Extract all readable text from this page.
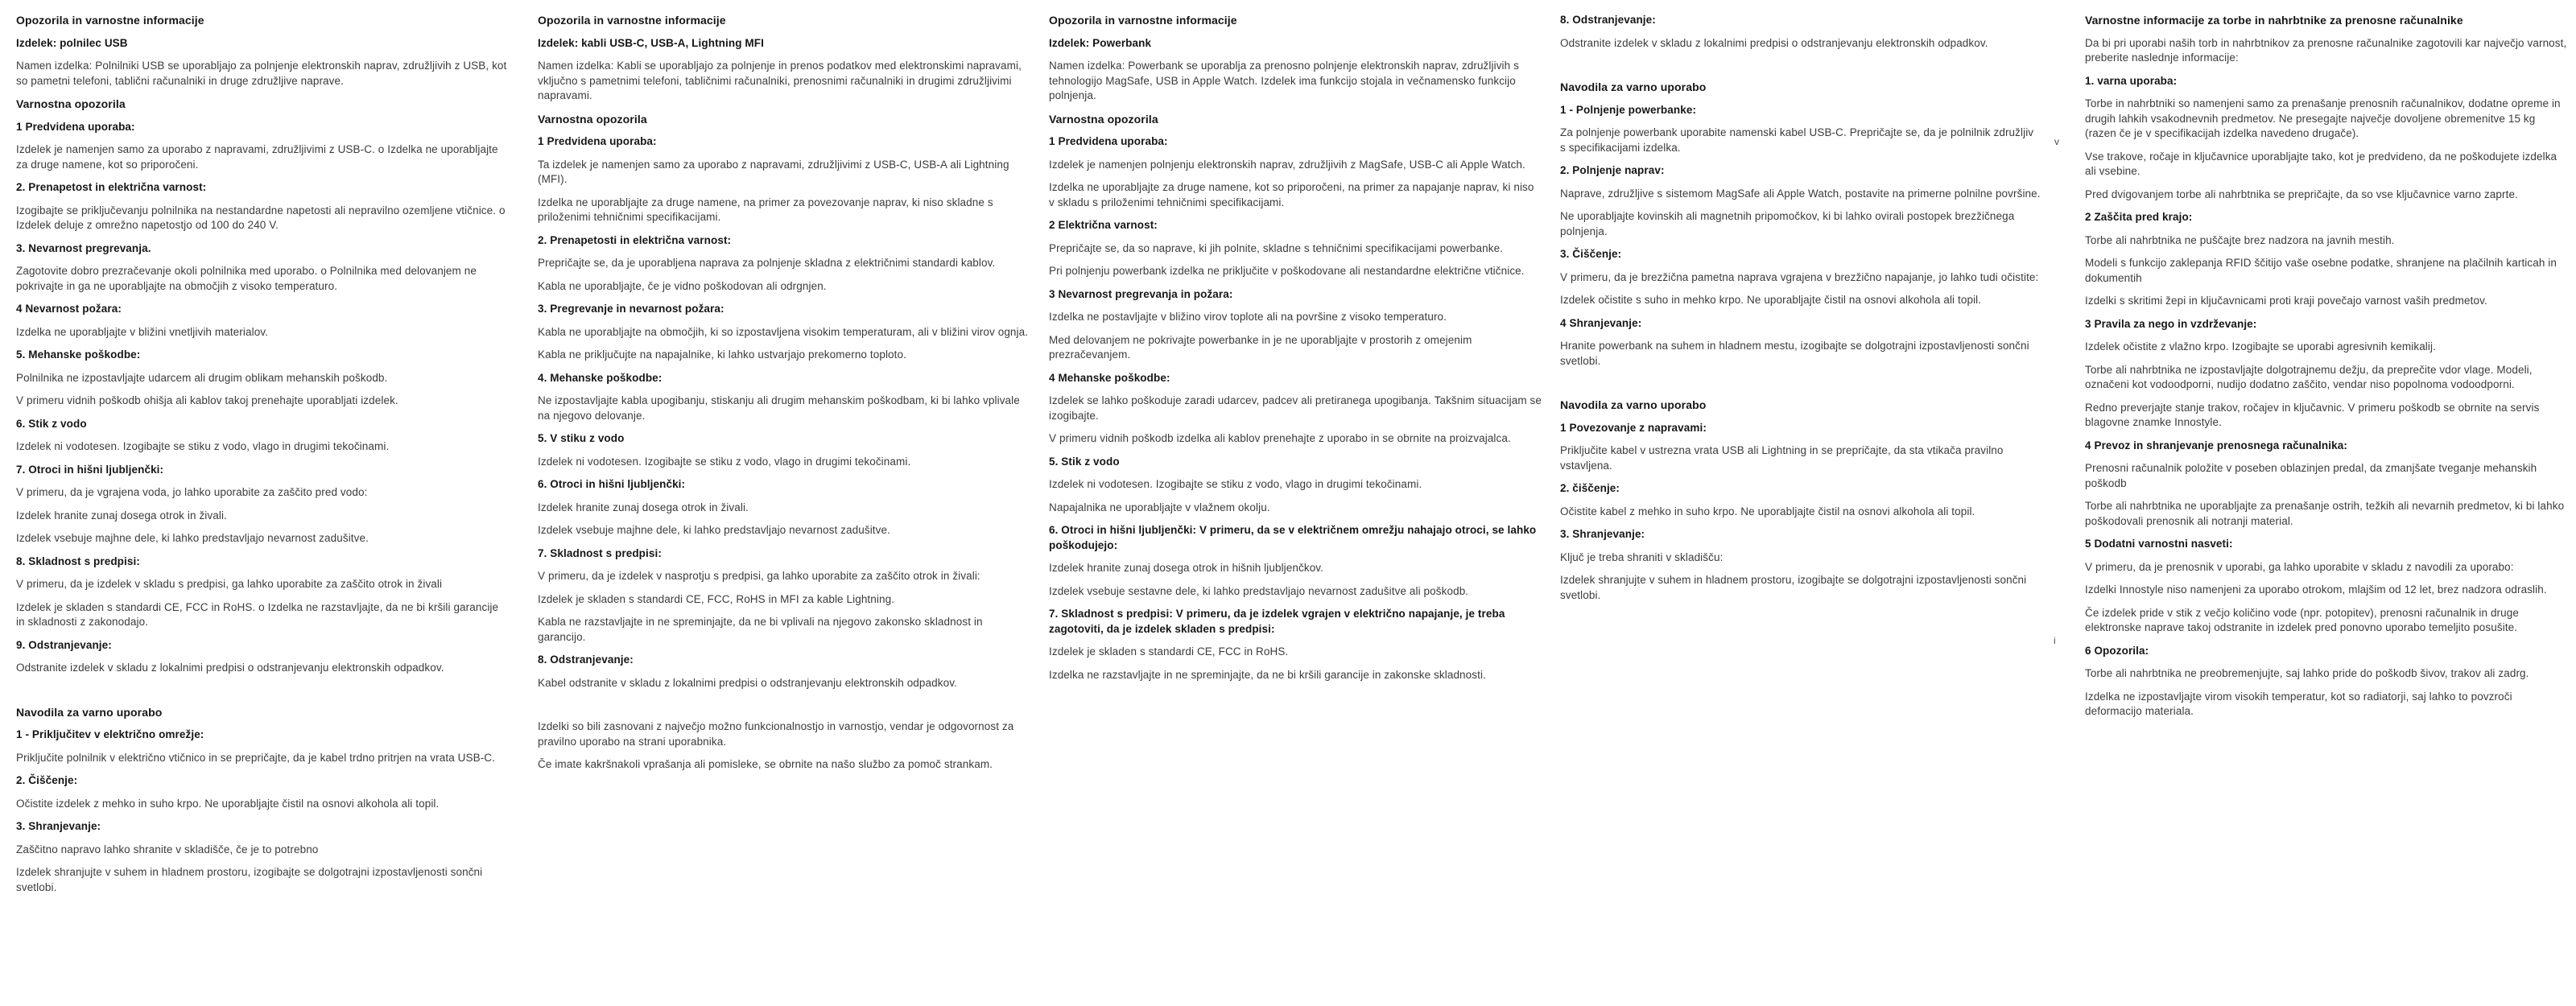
Opozorila in varnostne informacije
Izdelek: polnilec USB
Namen izdelka: Polnilniki USB se uporabljajo za polnjenje elektronskih naprav, združljivih z USB, kot so pametni telefoni, tablični računalniki in druge združljive naprave.
Varnostna opozorila
1 Predvidena uporaba:
Izdelek je namenjen samo za uporabo z napravami, združljivimi z USB-C. o Izdelka ne uporabljajte za druge namene, kot so priporočeni.
2. Prenapetost in električna varnost:
Izogibajte se priključevanju polnilnika na nestandardne napetosti ali nepravilno ozemljene vtičnice. o Izdelek deluje z omrežno napetostjo od 100 do 240 V.
3. Nevarnost pregrevanja.
Zagotovite dobro prezračevanje okoli polnilnika med uporabo. o Polnilnika med delovanjem ne pokrivajte in ga ne uporabljajte na območjih z visoko temperaturo.
4 Nevarnost požara:
Izdelka ne uporabljajte v bližini vnetljivih materialov.
5. Mehanske poškodbe:
Polnilnika ne izpostavljajte udarcem ali drugim oblikam mehanskih poškodb.
V primeru vidnih poškodb ohišja ali kablov takoj prenehajte uporabljati izdelek.
6. Stik z vodo
Izdelek ni vodotesen. Izogibajte se stiku z vodo, vlago in drugimi tekočinami.
7. Otroci in hišni ljubljenčki:
V primeru, da je vgrajena voda, jo lahko uporabite za zaščito pred vodo:
Izdelek hranite zunaj dosega otrok in živali.
Izdelek vsebuje majhne dele, ki lahko predstavljajo nevarnost zadušitve.
8. Skladnost s predpisi:
V primeru, da je izdelek v skladu s predpisi, ga lahko uporabite za zaščito otrok in živali
Izdelek je skladen s standardi CE, FCC in RoHS. o Izdelka ne razstavljajte, da ne bi kršili garancije in skladnosti z zakonodajo.
9. Odstranjevanje:
Odstranite izdelek v skladu z lokalnimi predpisi o odstranjevanju elektronskih odpadkov.
Navodila za varno uporabo
1 - Priključitev v električno omrežje:
Priključite polnilnik v električno vtičnico in se prepričajte, da je kabel trdno pritrjen na vrata USB-C.
2. Čiščenje:
Očistite izdelek z mehko in suho krpo. Ne uporabljajte čistil na osnovi alkohola ali topil.
3. Shranjevanje:
Zaščitno napravo lahko shranite v skladišče, če je to potrebno
Izdelek shranjujte v suhem in hladnem prostoru, izogibajte se dolgotrajni izpostavljenosti sončni svetlobi.
Opozorila in varnostne informacije
Izdelek: kabli USB-C, USB-A, Lightning MFI
Namen izdelka: Kabli se uporabljajo za polnjenje in prenos podatkov med elektronskimi napravami, vključno s pametnimi telefoni, tabličnimi računalniki, prenosnimi računalniki in drugimi združljivimi napravami.
Varnostna opozorila
1 Predvidena uporaba:
Ta izdelek je namenjen samo za uporabo z napravami, združljivimi z USB-C, USB-A ali Lightning (MFI).
Izdelka ne uporabljajte za druge namene, na primer za povezovanje naprav, ki niso skladne s priloženimi tehničnimi specifikacijami.
2. Prenapetosti in električna varnost:
Prepričajte se, da je uporabljena naprava za polnjenje skladna z električnimi standardi kablov.
Kabla ne uporabljajte, če je vidno poškodovan ali odrgnjen.
3. Pregrevanje in nevarnost požara:
Kabla ne uporabljajte na območjih, ki so izpostavljena visokim temperaturam, ali v bližini virov ognja.
Kabla ne priključujte na napajalnike, ki lahko ustvarjajo prekomerno toploto.
4. Mehanske poškodbe:
Ne izpostavljajte kabla upogibanju, stiskanju ali drugim mehanskim poškodbam, ki bi lahko vplivale na njegovo delovanje.
5. V stiku z vodo
Izdelek ni vodotesen. Izogibajte se stiku z vodo, vlago in drugimi tekočinami.
6. Otroci in hišni ljubljenčki:
Izdelek hranite zunaj dosega otrok in živali.
Izdelek vsebuje majhne dele, ki lahko predstavljajo nevarnost zadušitve.
7. Skladnost s predpisi:
V primeru, da je izdelek v nasprotju s predpisi, ga lahko uporabite za zaščito otrok in živali:
Izdelek je skladen s standardi CE, FCC, RoHS in MFI za kable Lightning.
Kabla ne razstavljajte in ne spreminjajte, da ne bi vplivali na njegovo zakonsko skladnost in garancijo.
8. Odstranjevanje:
Kabel odstranite v skladu z lokalnimi predpisi o odstranjevanju elektronskih odpadkov.
Izdelki so bili zasnovani z največjo možno funkcionalnostjo in varnostjo, vendar je odgovornost za pravilno uporabo na strani uporabnika.
Če imate kakršnakoli vprašanja ali pomisleke, se obrnite na našo službo za pomoč strankam.
Opozorila in varnostne informacije
Izdelek: Powerbank
Namen izdelka: Powerbank se uporablja za prenosno polnjenje elektronskih naprav, združljivih s tehnologijo MagSafe, USB in Apple Watch. Izdelek ima funkcijo stojala in večnamensko funkcijo polnjenja.
Varnostna opozorila
1 Predvidena uporaba:
Izdelek je namenjen polnjenju elektronskih naprav, združljivih z MagSafe, USB-C ali Apple Watch.
Izdelka ne uporabljajte za druge namene, kot so priporočeni, na primer za napajanje naprav, ki niso v skladu s priloženimi tehničnimi specifikacijami.
2 Električna varnost:
Prepričajte se, da so naprave, ki jih polnite, skladne s tehničnimi specifikacijami powerbanke.
Pri polnjenju powerbank izdelka ne priključite v poškodovane ali nestandardne električne vtičnice.
3 Nevarnost pregrevanja in požara:
Izdelka ne postavljajte v bližino virov toplote ali na površine z visoko temperaturo.
Med delovanjem ne pokrivajte powerbanke in je ne uporabljajte v prostorih z omejenim prezračevanjem.
4 Mehanske poškodbe:
Izdelek se lahko poškoduje zaradi udarcev, padcev ali pretiranega upogibanja. Takšnim situacijam se izogibajte.
V primeru vidnih poškodb izdelka ali kablov prenehajte z uporabo in se obrnite na proizvajalca.
5. Stik z vodo
Izdelek ni vodotesen. Izogibajte se stiku z vodo, vlago in drugimi tekočinami.
Napajalnika ne uporabljajte v vlažnem okolju.
6. Otroci in hišni ljubljenčki: V primeru, da se v električnem omrežju nahajajo otroci, se lahko poškodujejo:
Izdelek hranite zunaj dosega otrok in hišnih ljubljenčkov.
Izdelek vsebuje sestavne dele, ki lahko predstavljajo nevarnost zadušitve ali poškodb.
7. Skladnost s predpisi: V primeru, da je izdelek vgrajen v električno napajanje, je treba zagotoviti, da je izdelek skladen s predpisi:
Izdelek je skladen s standardi CE, FCC in RoHS.
Izdelka ne razstavljajte in ne spreminjajte, da ne bi kršili garancije in zakonske skladnosti.
8. Odstranjevanje:
Odstranite izdelek v skladu z lokalnimi predpisi o odstranjevanju elektronskih odpadkov.
Navodila za varno uporabo
1 - Polnjenje powerbanke:
Za polnjenje powerbank uporabite namenski kabel USB-C. Prepričajte se, da je polnilnik združljiv s specifikacijami izdelka.
2. Polnjenje naprav:
Naprave, združljive s sistemom MagSafe ali Apple Watch, postavite na primerne polnilne površine.
Ne uporabljajte kovinskih ali magnetnih pripomočkov, ki bi lahko ovirali postopek brezžičnega polnjenja.
3. Čiščenje:
V primeru, da je brezžična pametna naprava vgrajena v brezžično napajanje, jo lahko tudi očistite:
Izdelek očistite s suho in mehko krpo. Ne uporabljajte čistil na osnovi alkohola ali topil.
4 Shranjevanje:
Hranite powerbank na suhem in hladnem mestu, izogibajte se dolgotrajni izpostavljenosti sončni svetlobi.
Navodila za varno uporabo
1 Povezovanje z napravami:
Priključite kabel v ustrezna vrata USB ali Lightning in se prepričajte, da sta vtikača pravilno vstavljena.
2. čiščenje:
Očistite kabel z mehko in suho krpo. Ne uporabljajte čistil na osnovi alkohola ali topil.
3. Shranjevanje:
Ključ je treba shraniti v skladišču:
Izdelek shranjujte v suhem in hladnem prostoru, izogibajte se dolgotrajni izpostavljenosti sončni svetlobi.
Varnostne informacije za torbe in nahrbtnike za prenosne računalnike
Da bi pri uporabi naših torb in nahrbtnikov za prenosne računalnike zagotovili kar največjo varnost, preberite naslednje informacije:
1. varna uporaba:
Torbe in nahrbtniki so namenjeni samo za prenašanje prenosnih računalnikov, dodatne opreme in drugih lahkih vsakodnevnih predmetov. Ne presegajte največje dovoljene obremenitve 15 kg (razen če je v specifikacijah izdelka navedeno drugače).
Vse trakove, ročaje in ključavnice uporabljajte tako, kot je predvideno, da ne poškodujete izdelka ali vsebine.
Pred dvigovanjem torbe ali nahrbtnika se prepričajte, da so vse ključavnice varno zaprte.
2 Zaščita pred krajo:
Torbe ali nahrbtnika ne puščajte brez nadzora na javnih mestih.
Modeli s funkcijo zaklepanja RFID ščitijo vaše osebne podatke, shranjene na plačilnih karticah in dokumentih
Izdelki s skritimi žepi in ključavnicami proti kraji povečajo varnost vaših predmetov.
3 Pravila za nego in vzdrževanje:
Izdelek očistite z vlažno krpo. Izogibajte se uporabi agresivnih kemikalij.
Torbe ali nahrbtnika ne izpostavljajte dolgotrajnemu dežju, da preprečite vdor vlage. Modeli, označeni kot vodoodporni, nudijo dodatno zaščito, vendar niso popolnoma vodoodporni.
Redno preverjajte stanje trakov, ročajev in ključavnic. V primeru poškodb se obrnite na servis blagovne znamke Innostyle.
4 Prevoz in shranjevanje prenosnega računalnika:
Prenosni računalnik položite v poseben oblazinjen predal, da zmanjšate tveganje mehanskih poškodb
Torbe ali nahrbtnika ne uporabljajte za prenašanje ostrih, težkih ali nevarnih predmetov, ki bi lahko poškodovali prenosnik ali notranji material.
5 Dodatni varnostni nasveti:
V primeru, da je prenosnik v uporabi, ga lahko uporabite v skladu z navodili za uporabo:
Izdelki Innostyle niso namenjeni za uporabo otrokom, mlajšim od 12 let, brez nadzora odraslih.
Če izdelek pride v stik z večjo količino vode (npr. potopitev), prenosni računalnik in druge elektronske naprave takoj odstranite in izdelek pred ponovno uporabo temeljito posušite.
6 Opozorila:
Torbe ali nahrbtnika ne preobremenjujte, saj lahko pride do poškodb šivov, trakov ali zadrg.
Izdelka ne izpostavljajte virom visokih temperatur, kot so radiatorji, saj lahko to povzroči deformacijo materiala.
v
i
